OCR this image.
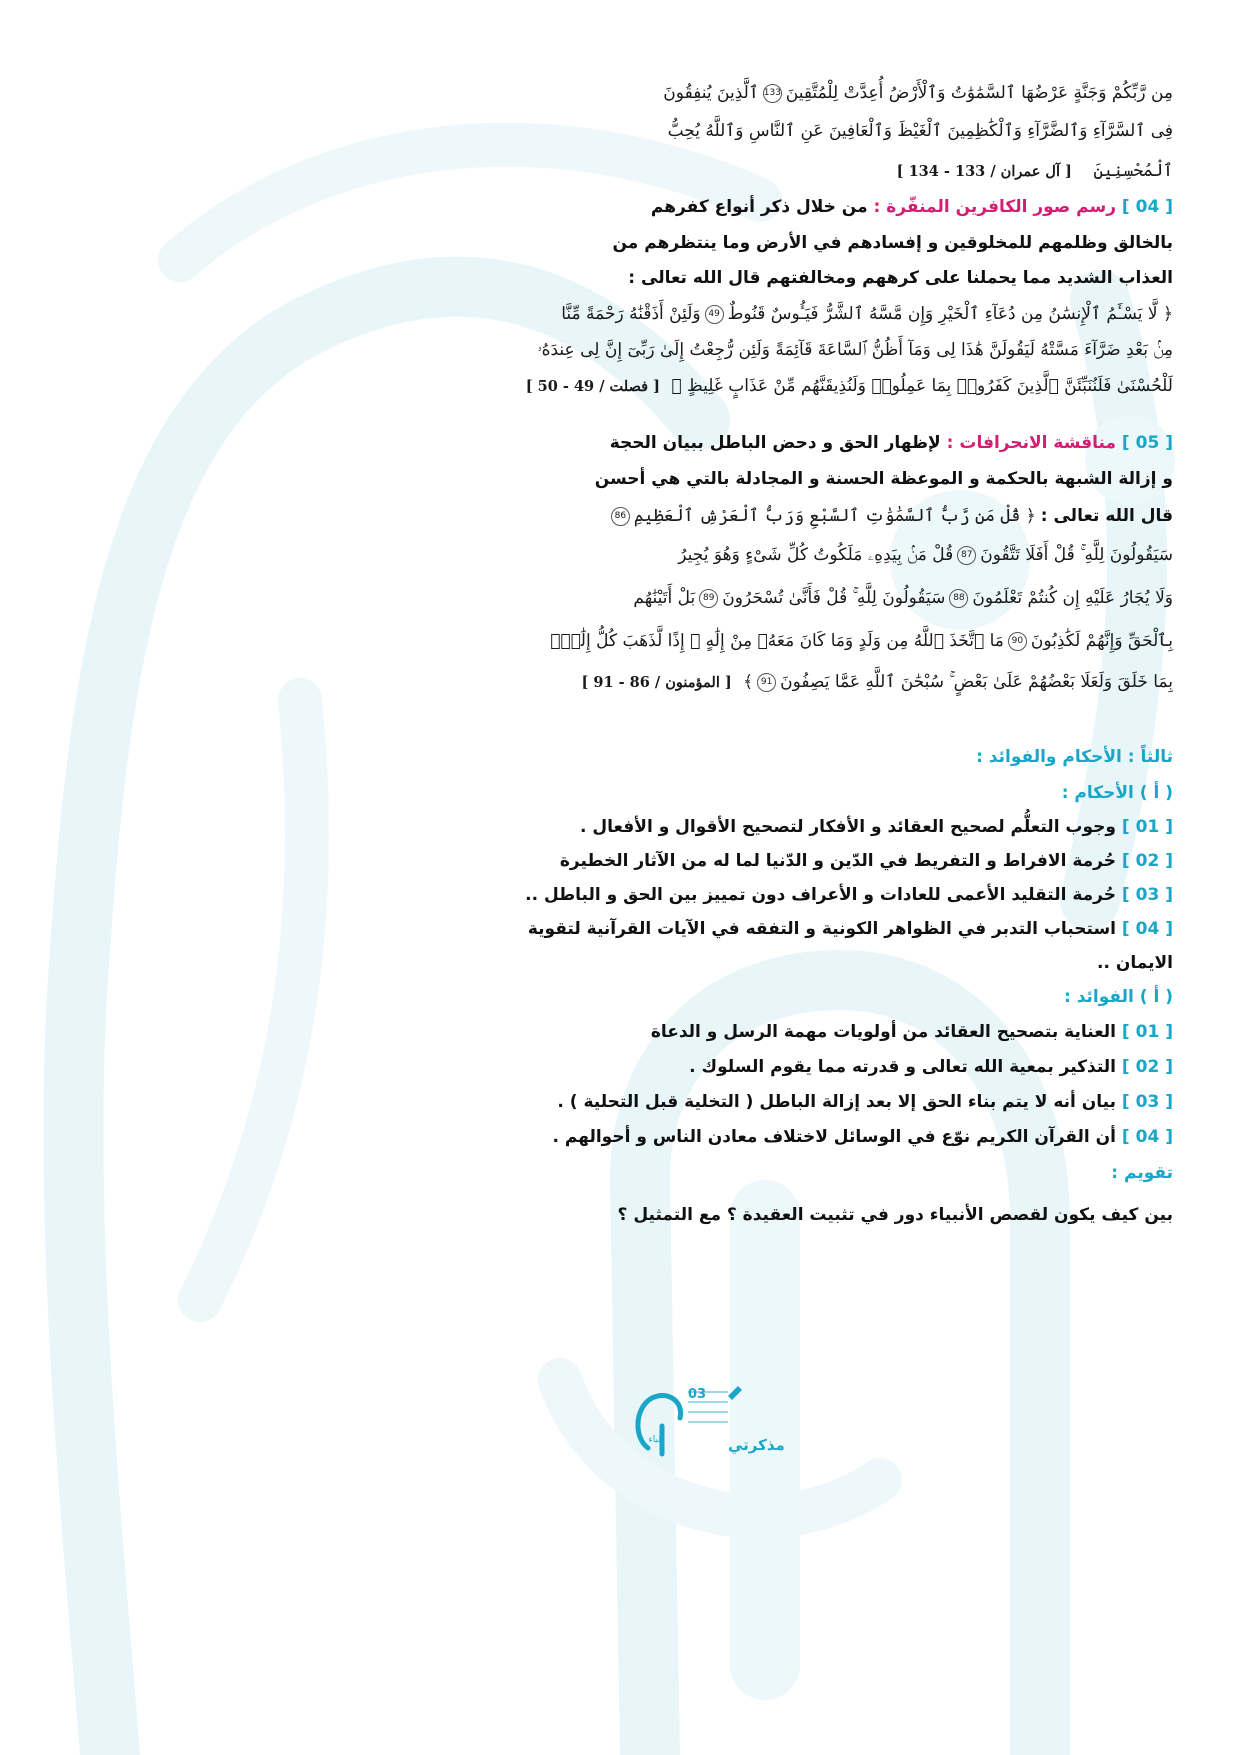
مِن رَّبِّكُمْ وَجَنَّةٍ عَرْضُهَا ٱلسَّمَٰوَٰتُ وَٱلْأَرْضُ أُعِدَّتْ لِلْمُتَّقِينَ133ٱلَّذِينَ يُنفِقُونَ
فِى ٱلسَّرَّآءِ وَٱلضَّرَّآءِ وَٱلْكَٰظِمِينَ ٱلْغَيْظَ وَٱلْعَافِينَ عَنِ ٱلنَّاسِ وَٱللَّهُ يُحِبُّ
ٱلْمُحْسِنِينَ [ آل عمران / 133 - 134 ]
[ 04 ] رسم صور الكافرين المنفّرة : من خلال ذكر أنواع كفرهم
بالخالق وظلمهم للمخلوقين و إفسادهم في الأرض وما ينتظرهم من
العذاب الشديد مما يحملنا على كرههم ومخالفتهم قال الله تعالى :
﴿ لَّا يَسْـَٔمُ ٱلْإِنسَٰنُ مِن دُعَآءِ ٱلْخَيْرِ وَإِن مَّسَّهُ ٱلشَّرُّ فَيَـُٔوسٌ قَنُوطٌ49وَلَئِنْ أَذَقْنَٰهُ رَحْمَةً مِّنَّا
مِنۢ بَعْدِ ضَرَّآءَ مَسَّتْهُ لَيَقُولَنَّ هَٰذَا لِى وَمَآ أَظُنُّ ٱلسَّاعَةَ قَآئِمَةً وَلَئِن رُّجِعْتُ إِلَىٰ رَبِّىٓ إِنَّ لِى عِندَهُۥ
لَلْحُسْنَىٰ فَلَنُنَبِّئَنَّ ٱلَّذِينَ كَفَرُوا۟ بِمَا عَمِلُوا۟ وَلَنُذِيقَنَّهُم مِّنْ عَذَابٍ غَلِيظٍ ﴾ [ فصلت / 49 - 50 ]
[ 05 ] مناقشة الانحرافات : لإظهار الحق و دحض الباطل ببيان الحجة
و إزالة الشبهة بالحكمة و الموعظة الحسنة و المجادلة بالتي هي أحسن
قال الله تعالى : ﴿ قُلْ مَن رَّبُّ ٱلسَّمَٰوَٰتِ ٱلسَّبْعِ وَرَبُّ ٱلْعَرْشِ ٱلْعَظِيمِ86
سَيَقُولُونَ لِلَّهِ ۚ قُلْ أَفَلَا تَتَّقُونَ87قُلْ مَنۢ بِيَدِهِۦ مَلَكُوتُ كُلِّ شَىْءٍ وَهُوَ يُجِيرُ
وَلَا يُجَارُ عَلَيْهِ إِن كُنتُمْ تَعْلَمُونَ88سَيَقُولُونَ لِلَّهِ ۚ قُلْ فَأَنَّىٰ تُسْحَرُونَ89بَلْ أَتَيْنَٰهُم
بِٱلْحَقِّ وَإِنَّهُمْ لَكَٰذِبُونَ90مَا ٱتَّخَذَ ٱللَّهُ مِن وَلَدٍ وَمَا كَانَ مَعَهُۥ مِنْ إِلَٰهٍ ۚ إِذًا لَّذَهَبَ كُلُّ إِلَٰهٍۭ
بِمَا خَلَقَ وَلَعَلَا بَعْضُهُمْ عَلَىٰ بَعْضٍ ۚ سُبْحَٰنَ ٱللَّهِ عَمَّا يَصِفُونَ91﴾ [ المؤمنون / 86 - 91 ]
ثالثاً : الأحكام والفوائد :
( أ ) الأحكام :
[ 01 ] وجوب التعلُّم لصحيح العقائد و الأفكار لتصحيح الأقوال و الأفعال .
[ 02 ] حُرمة الافراط و التفريط في الدّين و الدّنيا لما له من الآثار الخطيرة
[ 03 ] حُرمة التقليد الأعمى للعادات و الأعراف دون تمييز بين الحق و الباطل ..
[ 04 ] استحباب التدبر في الظواهر الكونية و التفقه في الآيات القرآنية لتقوية
الايمان ..
( أ ) الفوائد :
[ 01 ] العناية بتصحيح العقائد من أولويات مهمة الرسل و الدعاة
[ 02 ] التذكير بمعية الله تعالى و قدرته مما يقوم السلوك .
[ 03 ] بيان أنه لا يتم بناء الحق إلا بعد إزالة الباطل ( التخلية قبل التحلية ) .
[ 04 ] أن القرآن الكريم نوّع في الوسائل لاختلاف معادن الناس و أحوالهم .
تقويم :
بين كيف يكون لقصص الأنبياء دور في تثبيت العقيدة ؟ مع التمثيل ؟
03
مذكرتي
الباء
